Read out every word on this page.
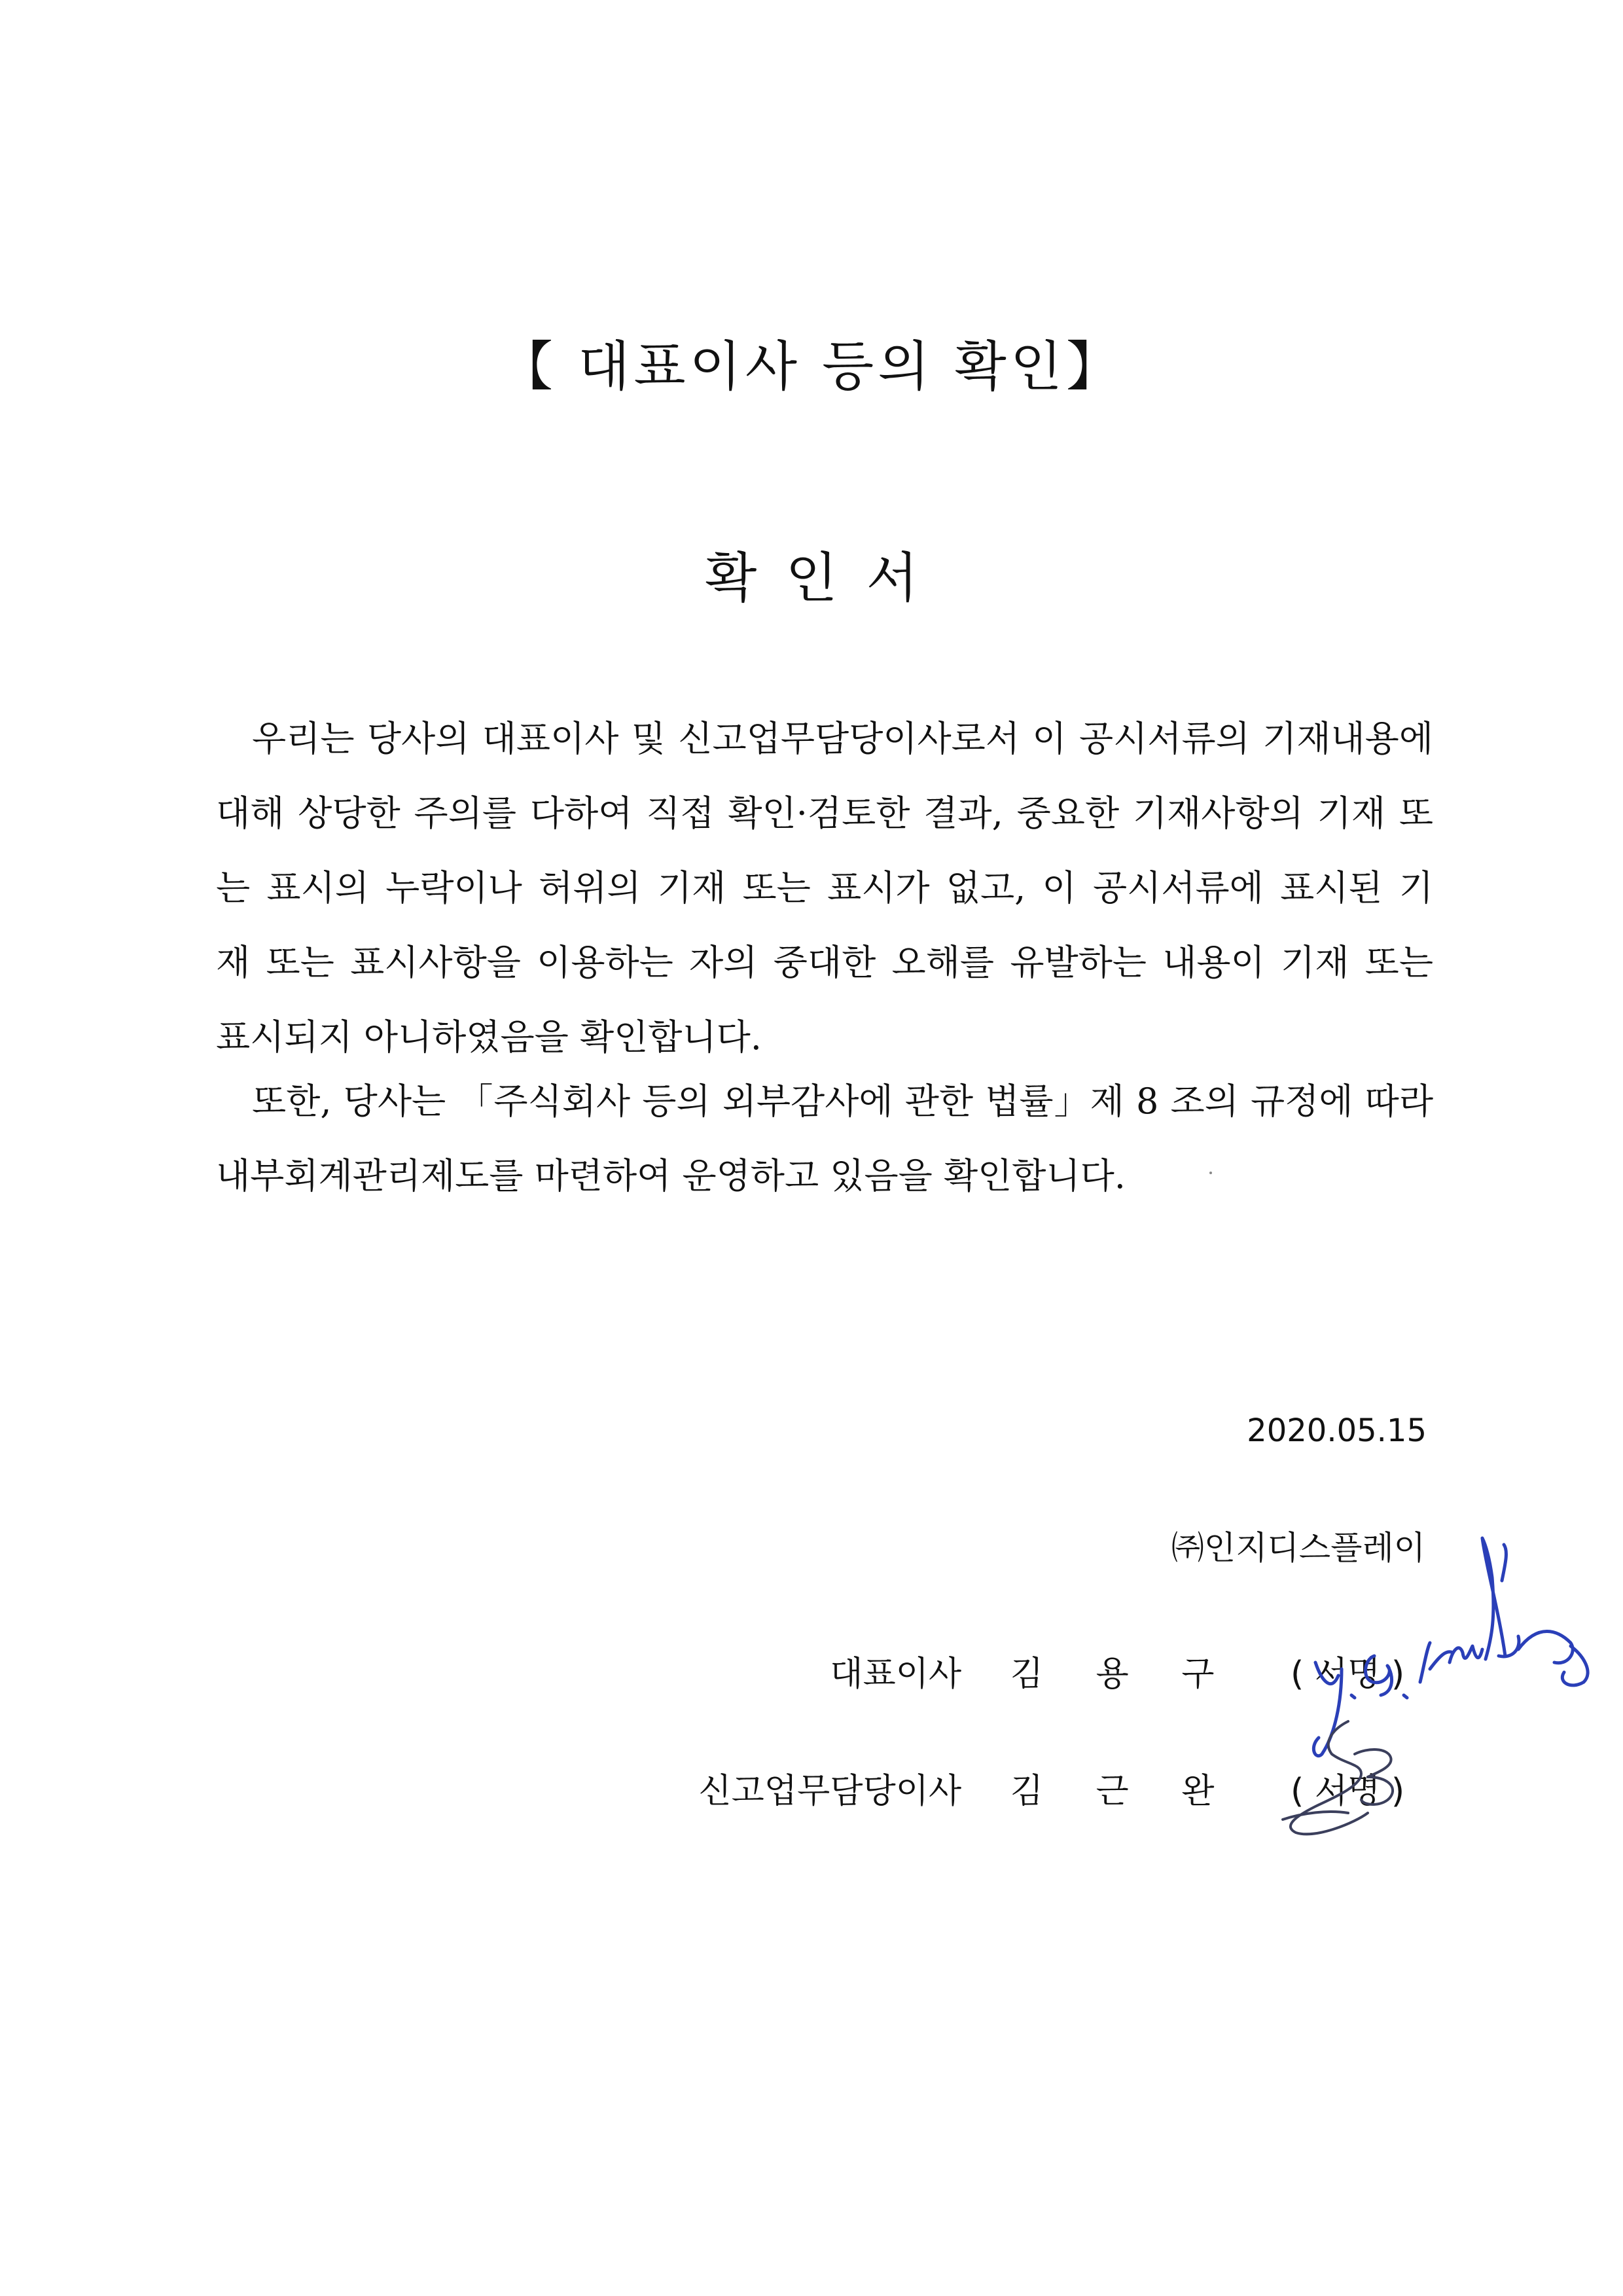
【 대표이사 등의 확인】
확 인 서
우리는 당사의 대표이사 및 신고업무담당이사로서 이 공시서류의 기재내용에
대해 상당한 주의를 다하여 직접 확인·검토한 결과, 중요한 기재사항의 기재 또
는 표시의 누락이나 허위의 기재 또는 표시가 없고, 이 공시서류에 표시된 기
재 또는 표시사항을 이용하는 자의 중대한 오해를 유발하는 내용이 기재 또는
표시되지 아니하였음을 확인합니다.
또한, 당사는 「주식회사 등의 외부감사에 관한 법률」제 8 조의 규정에 따라
내부회계관리제도를 마련하여 운영하고 있음을 확인합니다.
2020.05.15
㈜인지디스플레이
대표이사 김 용 구 ( 서명 )
신고업무담당이사 김 근 완 ( 서명 )
